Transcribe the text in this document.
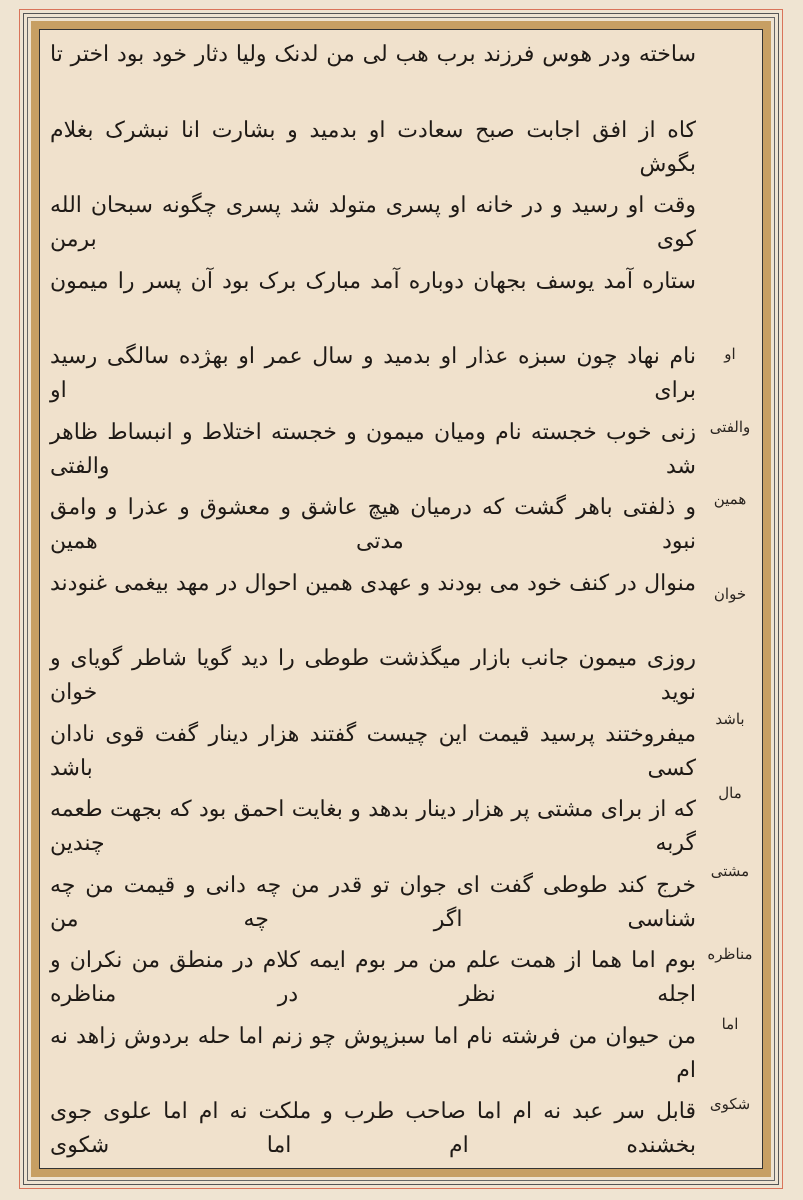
ساخته ودر هوس فرزند برب هب لی من لدنک ولیا دثار خود بود اختر تا
کاه از افق اجابت صبح سعادت او بدمید و بشارت انا نبشرک بغلام بگوش
وقت او رسید و در خانه او پسری متولد شد پسری چگونه سبحان الله کوی برمن
ستاره آمد یوسف بجهان دوباره آمد مبارک برک بود آن پسر را میمون
نام نهاد چون سبزه عذار او بدمید و سال عمر او بهژده سالگی رسید برای او
زنی خوب خجسته نام ومیان میمون و خجسته اختلاط و انبساط ظاهر شد والفتی
و ذلفتی باهر گشت که درمیان هیچ عاشق و معشوق و عذرا و وامق نبود مدتی همین
منوال در کنف خود می بودند و عهدی همین احوال در مهد بیغمی غنودند
روزی میمون جانب بازار میگذشت طوطی را دید گویا شاطر گویای و نوید خوان
میفروختند پرسید قیمت این چیست گفتند هزار دینار گفت قوی نادان کسی باشد
که از برای مشتی پر هزار دینار بدهد و بغایت احمق بود که بجهت طعمه گربه چندین
خرج کند طوطی گفت ای جوان تو قدر من چه دانی و قیمت من چه شناسی اگر چه من
بوم اما هما از همت علم من مر بوم ایمه کلام در منطق من نکران و اجله نظر در مناظره
من حیوان من فرشته نام اما سبزپوش چو زنم اما حله بردوش زاهد نه ام
قابل سر عبد نه ام اما صاحب طرب و ملکت نه ام اما علوی جوی بخشنده ام اما شکوی
او
والفتی
همین
خوان
باشد
مال
مشتی
مناظره
اما
شکوی
